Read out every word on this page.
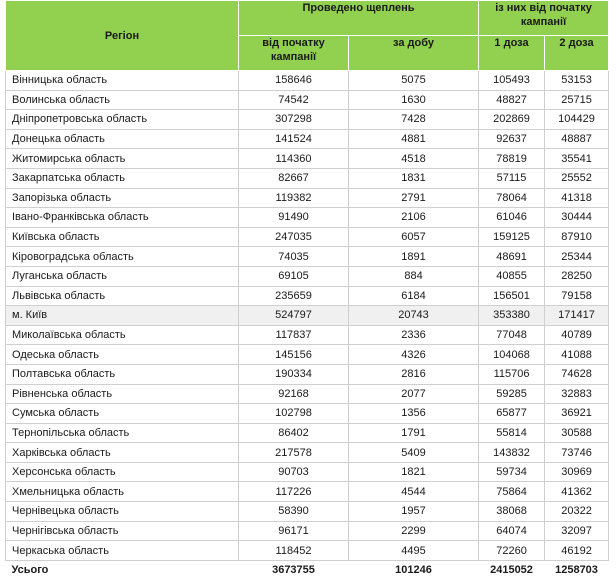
Регіон	Проведено щеплень		із них від початку кампанії	
	від початку кампанії	за добу	1 доза	2 доза
Вінницька область	158646	5075	105493	53153
Волинська область	74542	1630	48827	25715
Дніпропетровська область	307298	7428	202869	104429
Донецька область	141524	4881	92637	48887
Житомирська область	114360	4518	78819	35541
Закарпатська область	82667	1831	57115	25552
Запорізька область	119382	2791	78064	41318
Івано-Франківська область	91490	2106	61046	30444
Київська область	247035	6057	159125	87910
Кіровоградська область	74035	1891	48691	25344
Луганська область	69105	884	40855	28250
Львівська область	235659	6184	156501	79158
м. Київ	524797	20743	353380	171417
Миколаївська область	117837	2336	77048	40789
Одеська область	145156	4326	104068	41088
Полтавська область	190334	2816	115706	74628
Рівненська область	92168	2077	59285	32883
Сумська область	102798	1356	65877	36921
Тернопільська область	86402	1791	55814	30588
Харківська область	217578	5409	143832	73746
Херсонська область	90703	1821	59734	30969
Хмельницька область	117226	4544	75864	41362
Чернівецька область	58390	1957	38068	20322
Чернігівська область	96171	2299	64074	32097
Черкаська область	118452	4495	72260	46192
Усього	3673755	101246	2415052	1258703
